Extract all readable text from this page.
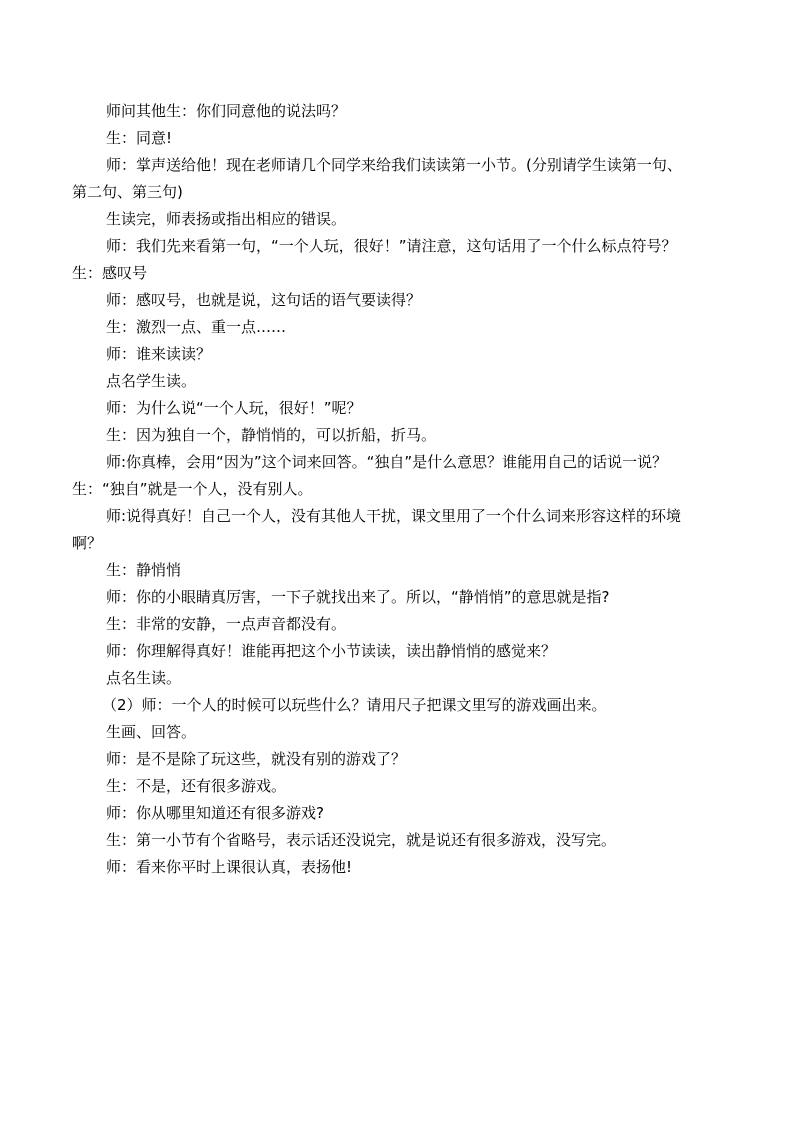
师问其他生：你们同意他的说法吗？
生：同意!
师：掌声送给他！现在老师请几个同学来给我们读读第一小节。(分别请学生读第一句、
第二句、第三句)
生读完，师表扬或指出相应的错误。
师：我们先来看第一句，“一个人玩，很好！”请注意，这句话用了一个什么标点符号？
生：感叹号
师：感叹号，也就是说，这句话的语气要读得？
生：激烈一点、重一点……
师：谁来读读？
点名学生读。
师：为什么说“一个人玩，很好！”呢？
生：因为独自一个，静悄悄的，可以折船，折马。
师:你真棒，会用“因为”这个词来回答。“独自”是什么意思？谁能用自己的话说一说？
生：“独自”就是一个人，没有别人。
师:说得真好！自己一个人，没有其他人干扰，课文里用了一个什么词来形容这样的环境
啊？
生：静悄悄
师：你的小眼睛真厉害，一下子就找出来了。所以，“静悄悄”的意思就是指?
生：非常的安静，一点声音都没有。
师：你理解得真好！谁能再把这个小节读读，读出静悄悄的感觉来？
点名生读。
（2）师：一个人的时候可以玩些什么？请用尺子把课文里写的游戏画出来。
生画、回答。
师：是不是除了玩这些，就没有别的游戏了？
生：不是，还有很多游戏。
师：你从哪里知道还有很多游戏?
生：第一小节有个省略号，表示话还没说完，就是说还有很多游戏，没写完。
师：看来你平时上课很认真，表扬他!
